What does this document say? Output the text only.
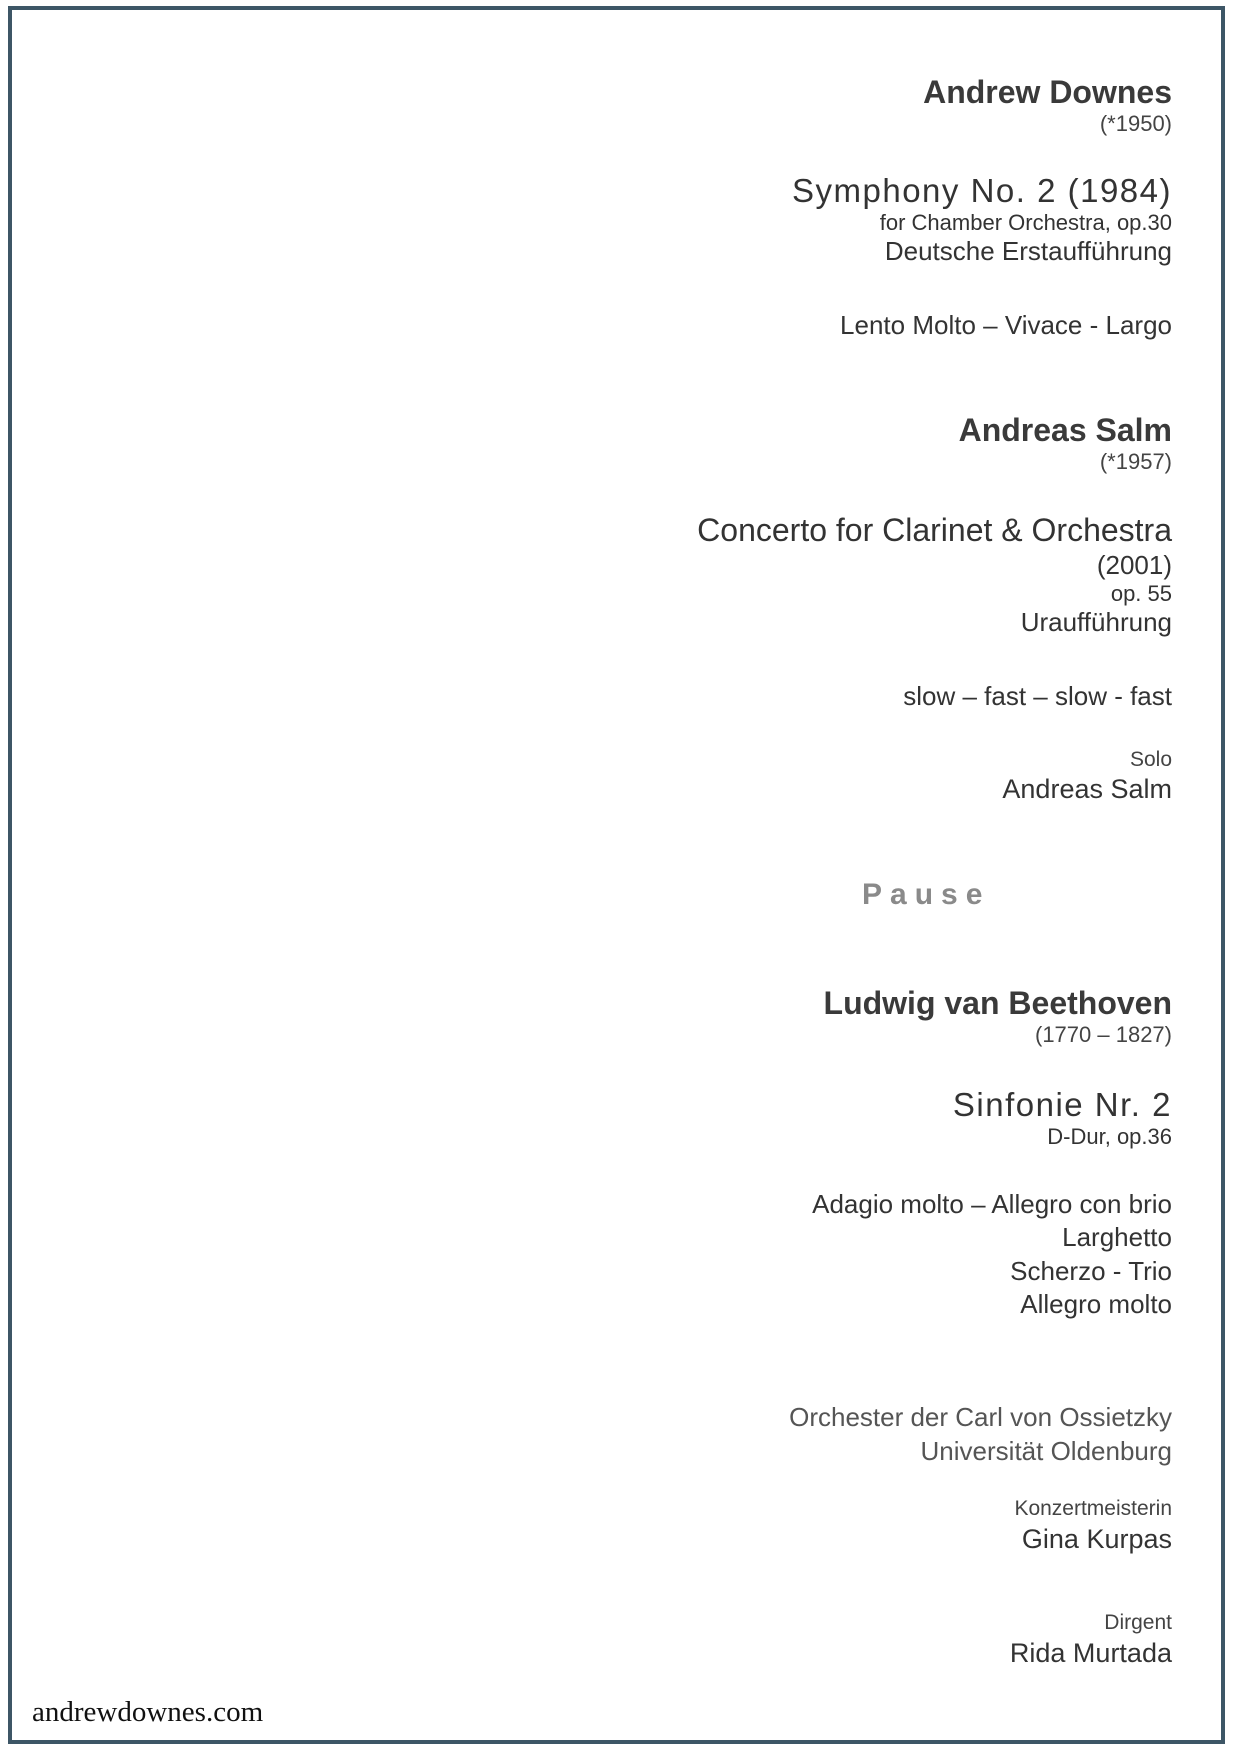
Andrew Downes
(*1950)
Symphony No. 2 (1984)
for Chamber Orchestra, op.30
Deutsche Erstaufführung
Lento Molto – Vivace - Largo
Andreas Salm
(*1957)
Concerto for Clarinet & Orchestra
(2001)
op. 55
Uraufführung
slow – fast – slow - fast
Solo
Andreas Salm
Pause
Ludwig van Beethoven
(1770 – 1827)
Sinfonie Nr. 2
D-Dur, op.36
Adagio molto – Allegro con brio
Larghetto
Scherzo - Trio
Allegro molto
Orchester der Carl von Ossietzky
Universität Oldenburg
Konzertmeisterin
Gina Kurpas
Dirgent
Rida Murtada
andrewdownes.com
